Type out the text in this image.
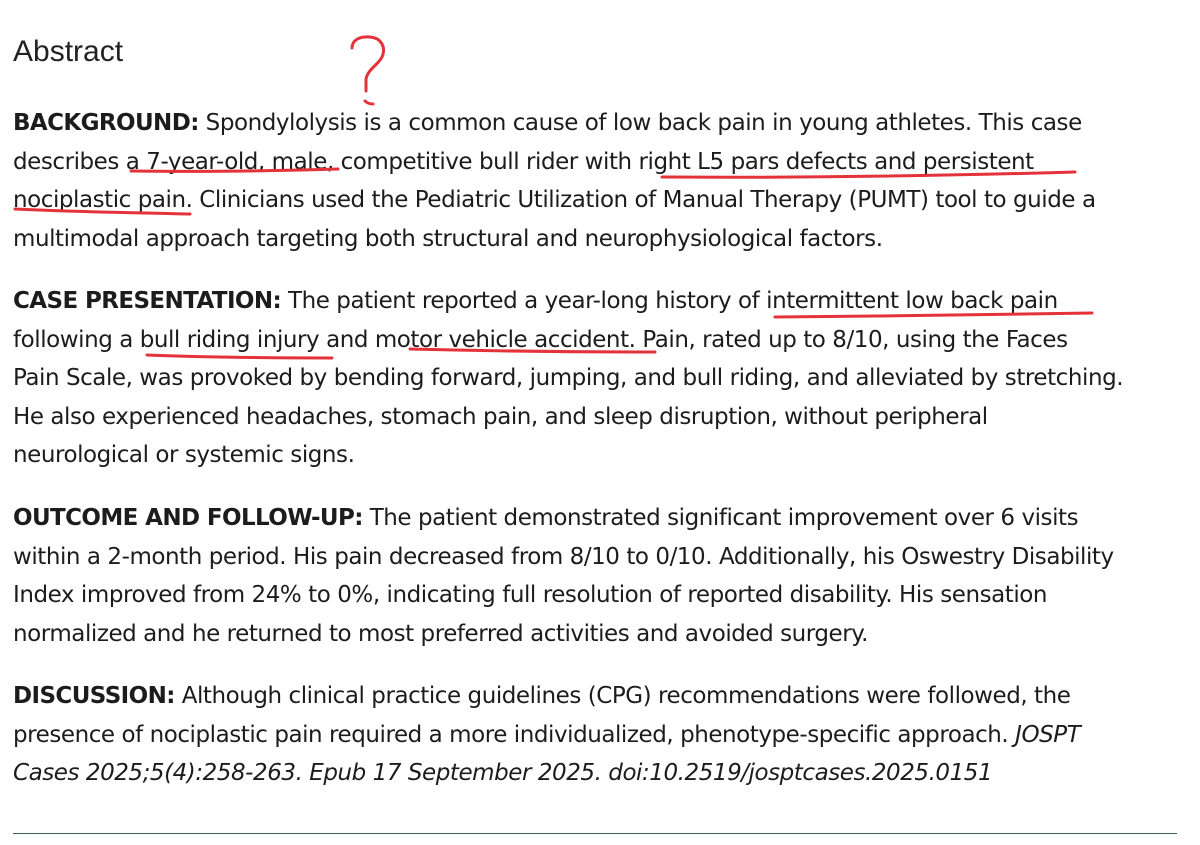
Abstract

BACKGROUND: Spondylolysis is a common cause of low back pain in young athletes. This case
describes a 7-year-old, male, competitive bull rider with right L5 pars defects and persistent
nociplastic pain. Clinicians used the Pediatric Utilization of Manual Therapy (PUMT) tool to guide a
multimodal approach targeting both structural and neurophysiological factors.

CASE PRESENTATION: The patient reported a year-long history of intermittent low back pain
following a bull riding injury and motor vehicle accident. Pain, rated up to 8/10, using the Faces
Pain Scale, was provoked by bending forward, jumping, and bull riding, and alleviated by stretching.
He also experienced headaches, stomach pain, and sleep disruption, without peripheral
neurological or systemic signs.

OUTCOME AND FOLLOW-UP: The patient demonstrated significant improvement over 6 visits
within a 2-month period. His pain decreased from 8/10 to 0/10. Additionally, his Oswestry Disability
Index improved from 24% to 0%, indicating full resolution of reported disability. His sensation
normalized and he returned to most preferred activities and avoided surgery.

DISCUSSION: Although clinical practice guidelines (CPG) recommendations were followed, the
presence of nociplastic pain required a more individualized, phenotype-specific approach. JOSPT
Cases 2025;5(4):258-263. Epub 17 September 2025. doi:10.2519/josptcases.2025.0151
